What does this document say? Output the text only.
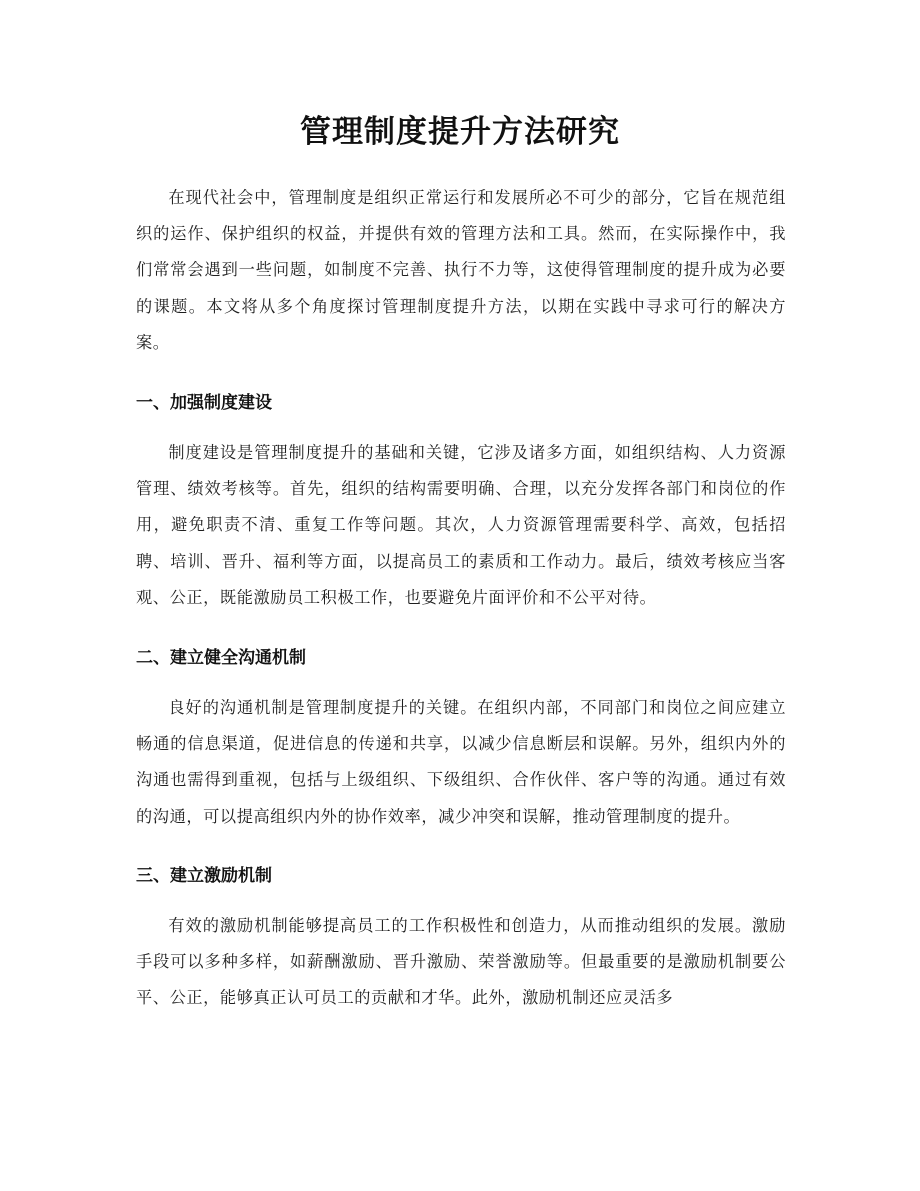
管理制度提升方法研究

在现代社会中，管理制度是组织正常运行和发展所必不可少的部分，它旨在规范组织的运作、保护组织的权益，并提供有效的管理方法和工具。然而，在实际操作中，我们常常会遇到一些问题，如制度不完善、执行不力等，这使得管理制度的提升成为必要的课题。本文将从多个角度探讨管理制度提升方法，以期在实践中寻求可行的解决方案。

一、加强制度建设

制度建设是管理制度提升的基础和关键，它涉及诸多方面，如组织结构、人力资源管理、绩效考核等。首先，组织的结构需要明确、合理，以充分发挥各部门和岗位的作用，避免职责不清、重复工作等问题。其次，人力资源管理需要科学、高效，包括招聘、培训、晋升、福利等方面，以提高员工的素质和工作动力。最后，绩效考核应当客观、公正，既能激励员工积极工作，也要避免片面评价和不公平对待。

二、建立健全沟通机制

良好的沟通机制是管理制度提升的关键。在组织内部，不同部门和岗位之间应建立畅通的信息渠道，促进信息的传递和共享，以减少信息断层和误解。另外，组织内外的沟通也需得到重视，包括与上级组织、下级组织、合作伙伴、客户等的沟通。通过有效的沟通，可以提高组织内外的协作效率，减少冲突和误解，推动管理制度的提升。

三、建立激励机制

有效的激励机制能够提高员工的工作积极性和创造力，从而推动组织的发展。激励手段可以多种多样，如薪酬激励、晋升激励、荣誉激励等。但最重要的是激励机制要公平、公正，能够真正认可员工的贡献和才华。此外，激励机制还应灵活多
